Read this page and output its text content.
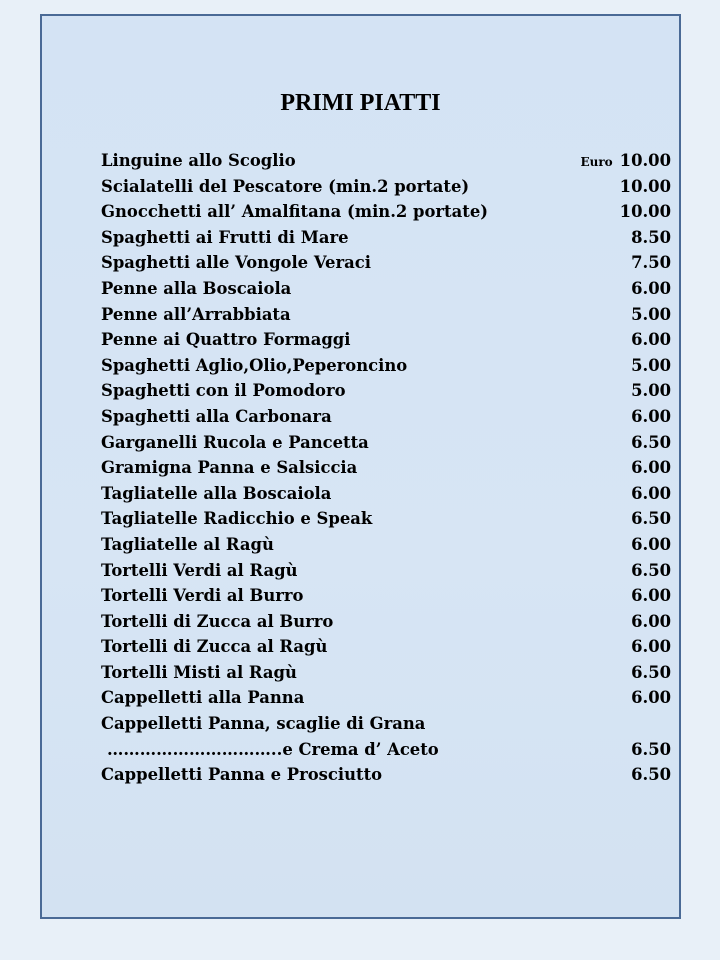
PRIMI PIATTI
Linguine allo Scoglio	Euro 10.00
Scialatelli del Pescatore (min.2 portate)	10.00
Gnocchetti all’ Amalfitana (min.2 portate)	10.00
Spaghetti ai Frutti di Mare	8.50
Spaghetti alle Vongole Veraci	7.50
Penne alla Boscaiola	6.00
Penne all’Arrabbiata	5.00
Penne ai Quattro Formaggi	6.00
Spaghetti Aglio,Olio,Peperoncino	5.00
Spaghetti con il Pomodoro	5.00
Spaghetti alla Carbonara	6.00
Garganelli Rucola e Pancetta	6.50
Gramigna Panna e Salsiccia	6.00
Tagliatelle alla Boscaiola	6.00
Tagliatelle Radicchio e Speak	6.50
Tagliatelle al Ragù	6.00
Tortelli Verdi al Ragù	6.50
Tortelli Verdi al Burro	6.00
Tortelli di Zucca al Burro	6.00
Tortelli di Zucca al Ragù	6.00
Tortelli Misti al Ragù	6.50
Cappelletti alla Panna	6.00
Cappelletti Panna, scaglie di Grana
…………………………..e Crema d’ Aceto	6.50
Cappelletti Panna e Prosciutto	6.50
